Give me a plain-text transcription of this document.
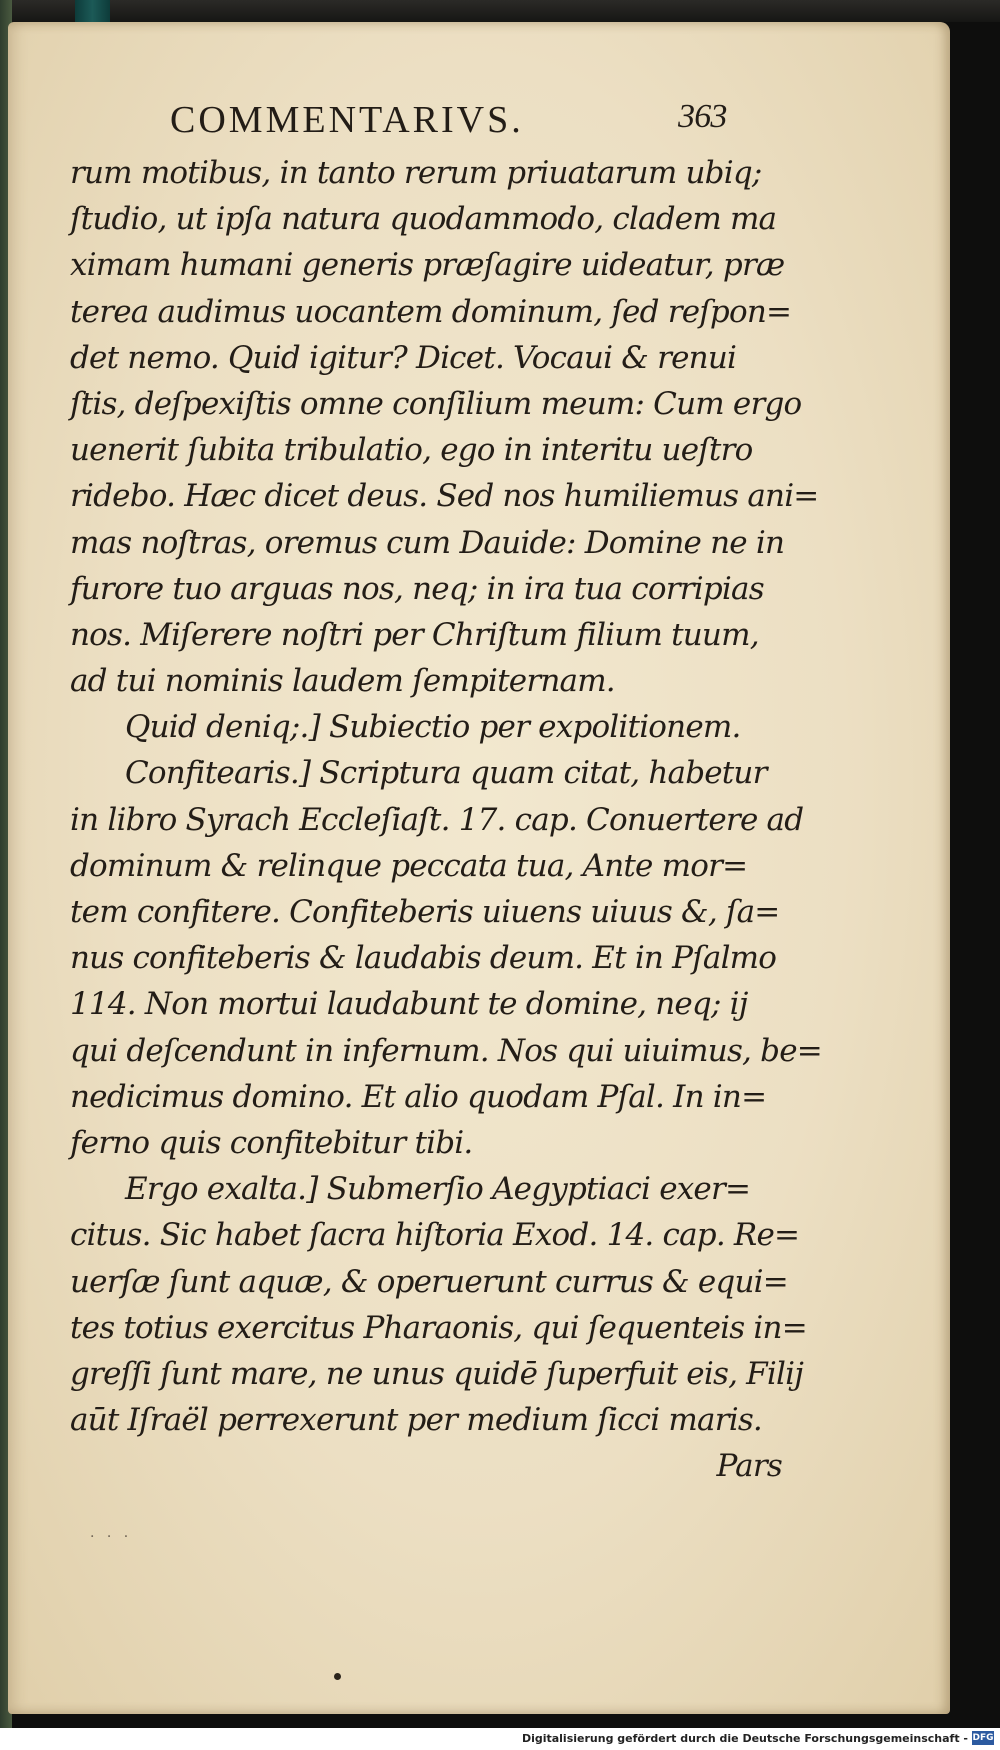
COMMENTARIVS.	363
rum motibus, in tanto rerum priuatarum ubiq;
ſtudio, ut ipſa natura quodammodo, cladem ma
ximam humani generis præſagire uideatur, præ
terea audimus uocantem dominum, ſed reſpon=
det nemo. Quid igitur? Dicet. Vocaui & renui
ſtis, deſpexiſtis omne conſilium meum: Cum ergo
uenerit ſubita tribulatio, ego in interitu ueſtro
ridebo. Hæc dicet deus. Sed nos humiliemus ani=
mas noſtras, oremus cum Dauide: Domine ne in
furore tuo arguas nos, neq; in ira tua corripias
nos. Miſerere noſtri per Chriſtum filium tuum,
ad tui nominis laudem ſempiternam.
Quid deniq;.] Subiectio per expolitionem.
Confitearis.] Scriptura quam citat, habetur
in libro Syrach Eccleſiaſt. 17. cap. Conuertere ad
dominum & relinque peccata tua, Ante mor=
tem confitere. Confiteberis uiuens uiuus &, ſa=
nus confiteberis & laudabis deum. Et in Pſalmo
114. Non mortui laudabunt te domine, neq; ij
qui deſcendunt in infernum. Nos qui uiuimus, be=
nedicimus domino. Et alio quodam Pſal. In in=
ferno quis confitebitur tibi.
Ergo exalta.] Submerſio Aegyptiaci exer=
citus. Sic habet ſacra hiſtoria Exod. 14. cap. Re=
uerſæ ſunt aquæ, & operuerunt currus & equi=
tes totius exercitus Pharaonis, qui ſequenteis in=
greſſi ſunt mare, ne unus quidē ſuperfuit eis, Filij
aūt Iſraël perrexerunt per medium ſicci maris.
Pars
· · ·
Digitalisierung gefördert durch die Deutsche Forschungsgemeinschaft - DFG
